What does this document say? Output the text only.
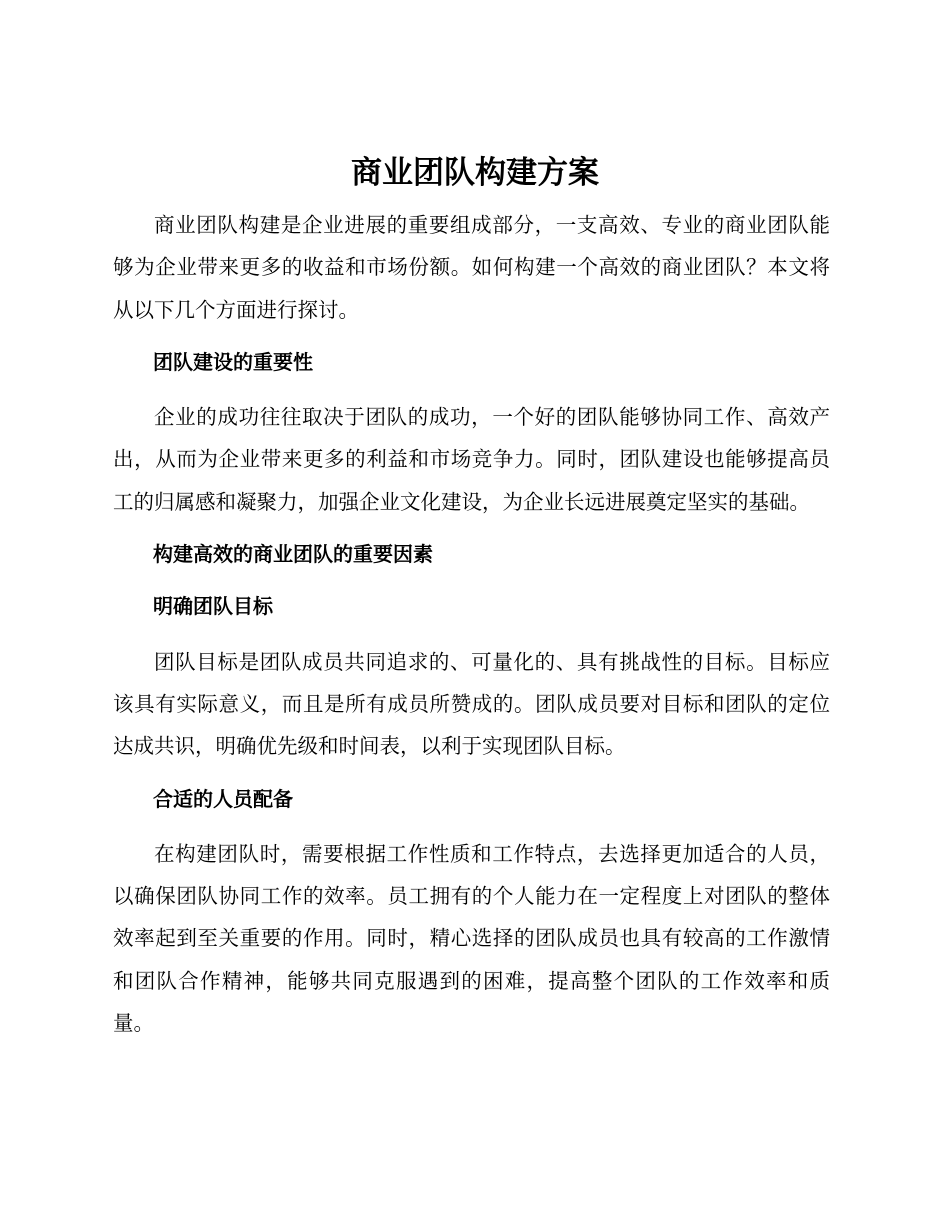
商业团队构建方案

商业团队构建是企业进展的重要组成部分，一支高效、专业的商业团队能够为企业带来更多的收益和市场份额。如何构建一个高效的商业团队？本文将从以下几个方面进行探讨。

团队建设的重要性

企业的成功往往取决于团队的成功，一个好的团队能够协同工作、高效产出，从而为企业带来更多的利益和市场竞争力。同时，团队建设也能够提高员工的归属感和凝聚力，加强企业文化建设，为企业长远进展奠定坚实的基础。

构建高效的商业团队的重要因素
明确团队目标

团队目标是团队成员共同追求的、可量化的、具有挑战性的目标。目标应该具有实际意义，而且是所有成员所赞成的。团队成员要对目标和团队的定位达成共识，明确优先级和时间表，以利于实现团队目标。

合适的人员配备

在构建团队时，需要根据工作性质和工作特点，去选择更加适合的人员，以确保团队协同工作的效率。员工拥有的个人能力在一定程度上对团队的整体效率起到至关重要的作用。同时，精心选择的团队成员也具有较高的工作激情和团队合作精神，能够共同克服遇到的困难，提高整个团队的工作效率和质量。
